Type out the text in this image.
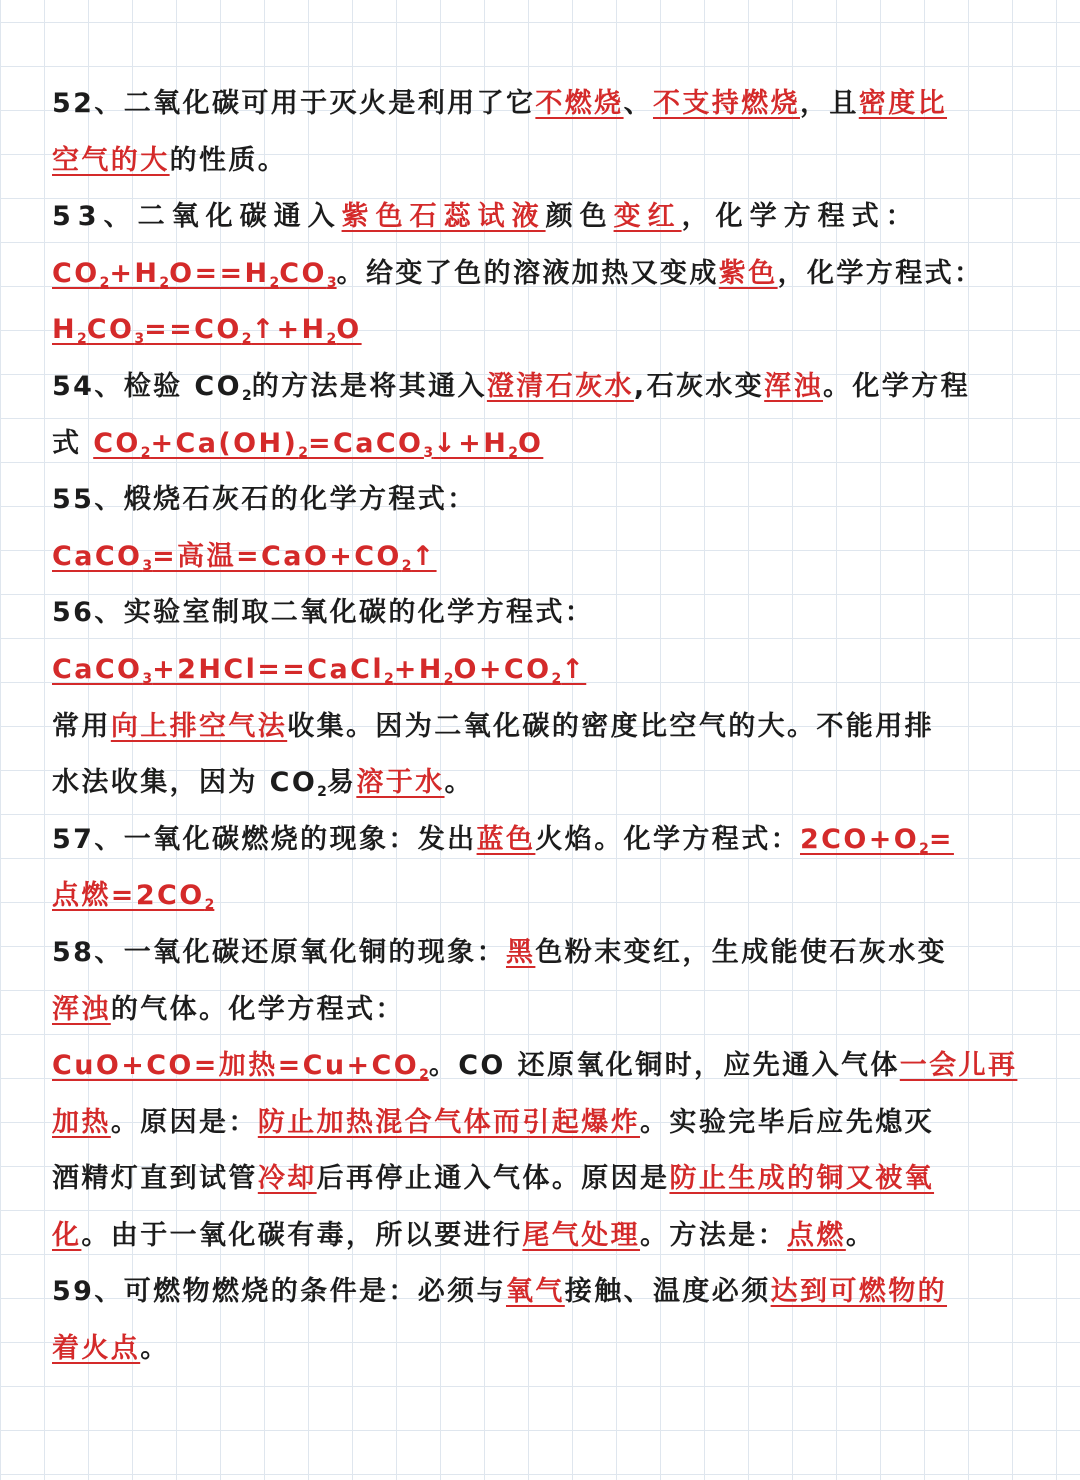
52、二氧化碳可用于灭火是利用了它不燃烧、不支持燃烧，且密度比
空气的大的性质。
53、二氧化碳通入紫色石蕊试液颜色变红，化学方程式：
$CO_2+H_2O==H_2CO_3$。给变了色的溶液加热又变成紫色，化学方程式：
$H_2CO_3==CO_2↑+H_2O$
54、检验 $CO_2$的方法是将其通入澄清石灰水,石灰水变浑浊。化学方程
式 $CO_2+Ca(OH)_2=CaCO_3↓+H_2O$
55、煅烧石灰石的化学方程式：
CaCO$_3$=高温$=CaO+CO_2↑$
56、实验室制取二氧化碳的化学方程式：
$CaCO_3+2HCl==CaCl_2+H_2O+CO_2↑$
常用向上排空气法收集。因为二氧化碳的密度比空气的大。不能用排
水法收集，因为 $CO_2$易溶于水。
57、一氧化碳燃烧的现象：发出蓝色火焰。化学方程式：$2CO+O_2=$
点燃$=2CO_2$
58、一氧化碳还原氧化铜的现象：黑色粉末变红，生成能使石灰水变
浑浊的气体。化学方程式：
CuO+CO=加热$=Cu+CO_2$。CO 还原氧化铜时，应先通入气体一会儿再
加热。原因是：防止加热混合气体而引起爆炸。实验完毕后应先熄灭
酒精灯直到试管冷却后再停止通入气体。原因是防止生成的铜又被氧
化。由于一氧化碳有毒，所以要进行尾气处理。方法是：点燃。
59、可燃物燃烧的条件是：必须与氧气接触、温度必须达到可燃物的
着火点。
